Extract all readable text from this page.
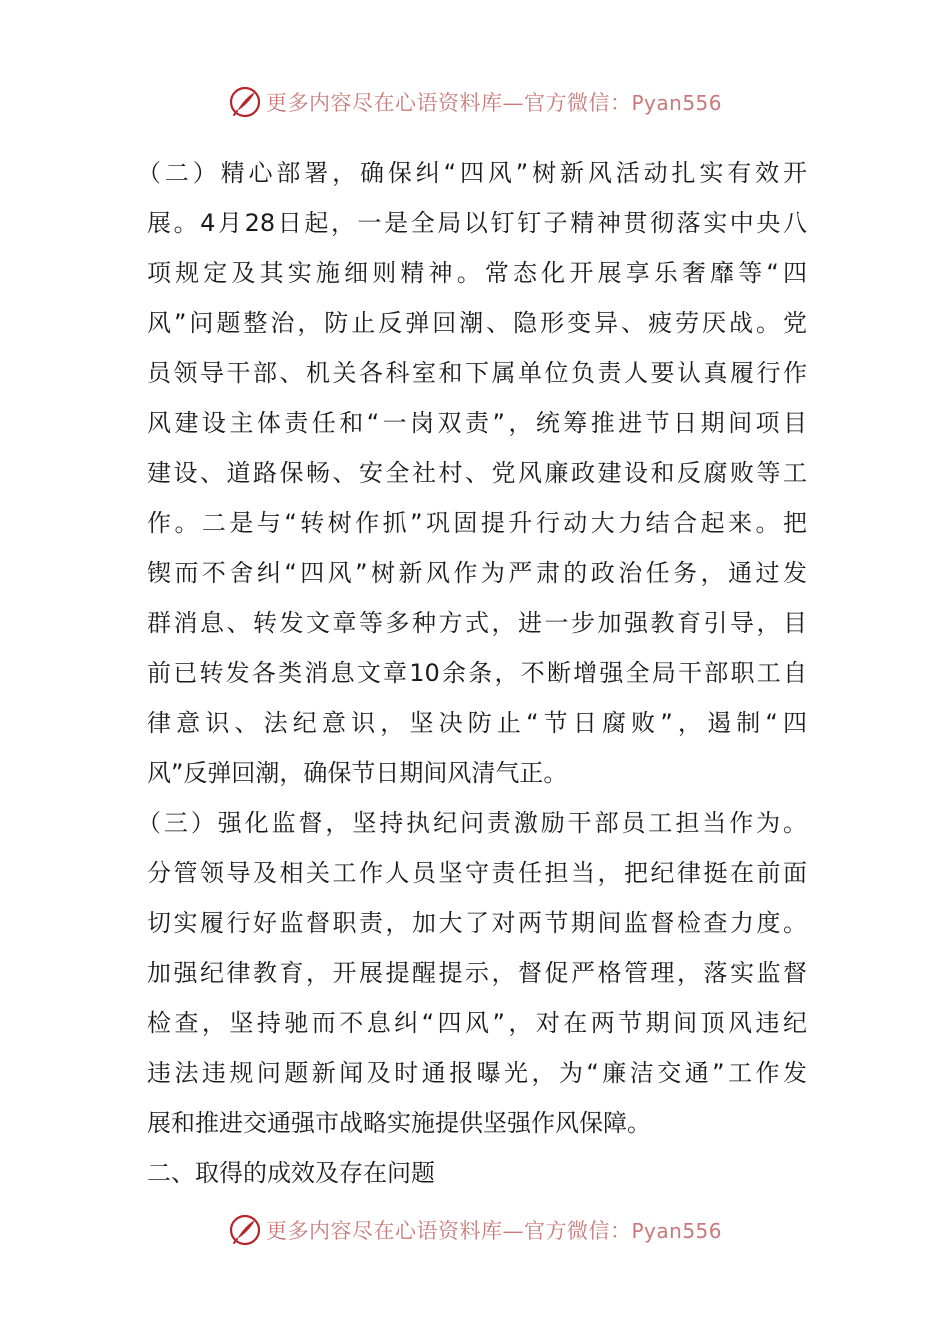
更多内容尽在心语资料库—官方微信：Pyan556
（二）精心部署，确保纠“四风”树新风活动扎实有效开
展。4月28日起，一是全局以钉钉子精神贯彻落实中央八
项规定及其实施细则精神。常态化开展享乐奢靡等“四
风”问题整治，防止反弹回潮、隐形变异、疲劳厌战。党
员领导干部、机关各科室和下属单位负责人要认真履行作
风建设主体责任和“一岗双责”，统筹推进节日期间项目
建设、道路保畅、安全社村、党风廉政建设和反腐败等工
作。二是与“转树作抓”巩固提升行动大力结合起来。把
锲而不舍纠“四风”树新风作为严肃的政治任务，通过发
群消息、转发文章等多种方式，进一步加强教育引导，目
前已转发各类消息文章10余条，不断增强全局干部职工自
律意识、法纪意识，坚决防止“节日腐败”，遏制“四
风”反弹回潮，确保节日期间风清气正。
（三）强化监督，坚持执纪问责激励干部员工担当作为。
分管领导及相关工作人员坚守责任担当，把纪律挺在前面
切实履行好监督职责，加大了对两节期间监督检查力度。
加强纪律教育，开展提醒提示，督促严格管理，落实监督
检查，坚持驰而不息纠“四风”，对在两节期间顶风违纪
违法违规问题新闻及时通报曝光，为“廉洁交通”工作发
展和推进交通强市战略实施提供坚强作风保障。
二、取得的成效及存在问题
更多内容尽在心语资料库—官方微信：Pyan556
